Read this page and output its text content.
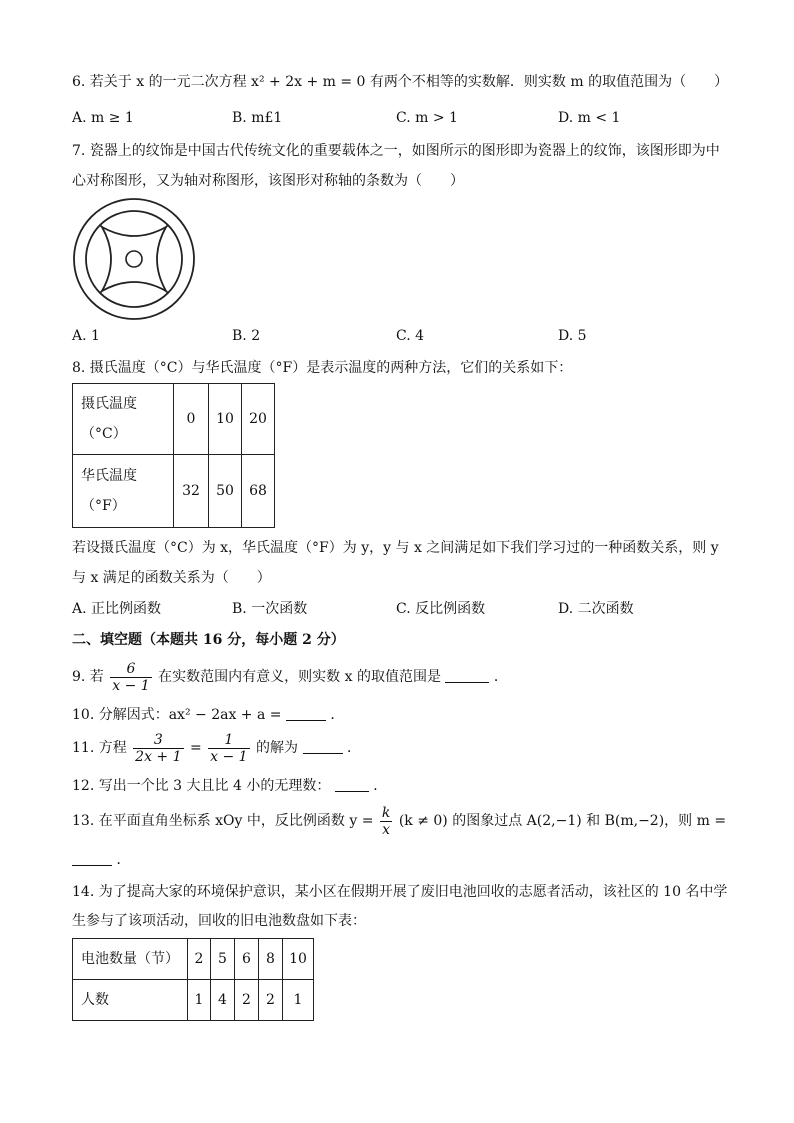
6. 若关于 x 的一元二次方程 x² + 2x + m = 0 有两个不相等的实数解．则实数 m 的取值范围为（　　）
A. m ≥ 1	B. m£1	C. m > 1	D. m < 1
7. 瓷器上的纹饰是中国古代传统文化的重要载体之一，如图所示的图形即为瓷器上的纹饰，该图形即为中
心对称图形，又为轴对称图形，该图形对称轴的条数为（　　）
A. 1	B. 2	C. 4	D. 5
8. 摄氏温度（°C）与华氏温度（°F）是表示温度的两种方法，它们的关系如下：
摄氏温度
（°C）	0	10	20

华氏温度
（°F）	32	50	68
若设摄氏温度（°C）为 x，华氏温度（°F）为 y，y 与 x 之间满足如下我们学习过的一种函数关系，则 y
与 x 满足的函数关系为（　　）
A. 正比例函数	B. 一次函数	C. 反比例函数	D. 二次函数
二、填空题（本题共 16 分，每小题 2 分）
9. 若 $\frac{6}{x - 1}$ 在实数范围内有意义，则实数 x 的取值范围是	．
10. 分解因式：ax² − 2ax + a =	．
11. 方程 $\frac{3}{2x + 1} = \frac{1}{x - 1}$ 的解为	．
12. 写出一个比 3 大且比 4 小的无理数：	．
13. 在平面直角坐标系 xOy 中，反比例函数 $y = \frac{k}{x} (k \ne 0)$ 的图象过点 A(2,−1) 和 B(m,−2)，则 m =
．
14. 为了提高大家的环境保护意识，某小区在假期开展了废旧电池回收的志愿者活动，该社区的 10 名中学
生参与了该项活动，回收的旧电池数盘如下表：
电池数量（节）	2	5	6	8	10
人数	1	4	2	2	1
